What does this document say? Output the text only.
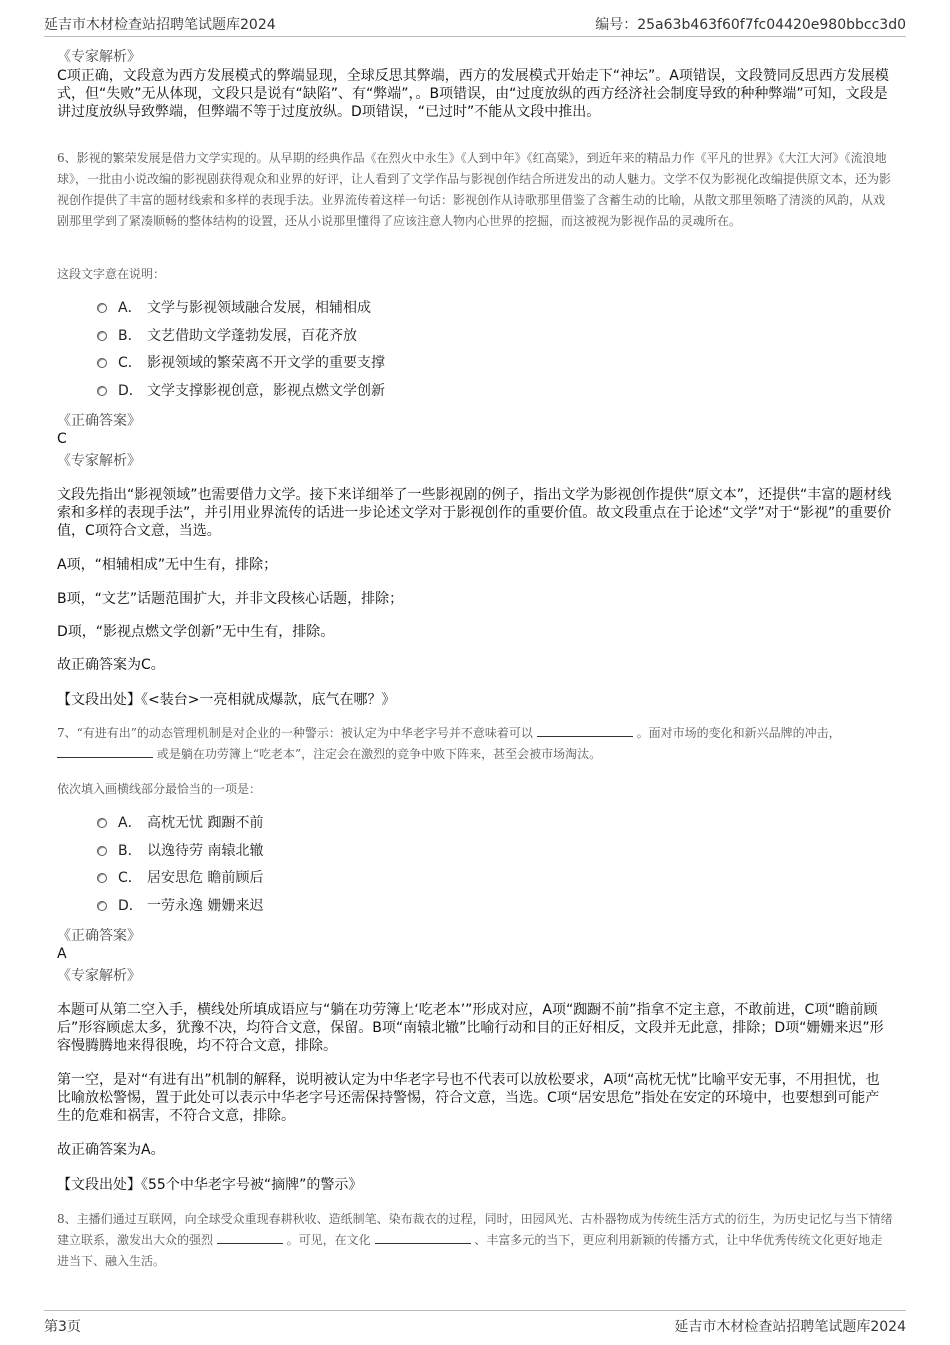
延吉市木材检查站招聘笔试题库2024	编号：25a63b463f60f7fc04420e980bbcc3d0
《专家解析》
C项正确，文段意为西方发展模式的弊端显现，全球反思其弊端，西方的发展模式开始走下“神坛”。A项错误，文段赞同反思西方发展模式，但“失败”无从体现，文段只是说有“缺陷”、有“弊端”，。B项错误，由“过度放纵的西方经济社会制度导致的种种弊端”可知，文段是讲过度放纵导致弊端，但弊端不等于过度放纵。D项错误，“已过时”不能从文段中推出。
6、影视的繁荣发展是借力文学实现的。从早期的经典作品《在烈火中永生》《人到中年》《红高粱》，到近年来的精品力作《平凡的世界》《大江大河》《流浪地球》，一批由小说改编的影视剧获得观众和业界的好评，让人看到了文学作品与影视创作结合所迸发出的动人魅力。文学不仅为影视化改编提供原文本，还为影视创作提供了丰富的题材线索和多样的表现手法。业界流传着这样一句话：影视创作从诗歌那里借鉴了含蓄生动的比喻，从散文那里领略了清淡的风韵，从戏剧那里学到了紧凑顺畅的整体结构的设置，还从小说那里懂得了应该注意人物内心世界的挖掘，而这被视为影视作品的灵魂所在。
这段文字意在说明：
A． 文学与影视领域融合发展，相辅相成
B． 文艺借助文学蓬勃发展，百花齐放
C． 影视领域的繁荣离不开文学的重要支撑
D． 文学支撑影视创意，影视点燃文学创新
《正确答案》
C
《专家解析》
文段先指出“影视领域”也需要借力文学。接下来详细举了一些影视剧的例子，指出文学为影视创作提供“原文本”，还提供“丰富的题材线索和多样的表现手法”，并引用业界流传的话进一步论述文学对于影视创作的重要价值。故文段重点在于论述“文学”对于“影视”的重要价值，C项符合文意，当选。
A项，“相辅相成”无中生有，排除；
B项，“文艺”话题范围扩大，并非文段核心话题，排除；
D项，“影视点燃文学创新”无中生有，排除。
故正确答案为C。
【文段出处】《<装台>一亮相就成爆款，底气在哪？》
7、“有进有出”的动态管理机制是对企业的一种警示：被认定为中华老字号并不意味着可以	。面对市场的变化和新兴品牌的冲击，  或是躺在功劳簿上“吃老本”，注定会在激烈的竞争中败下阵来，甚至会被市场淘汰。
依次填入画横线部分最恰当的一项是：
A． 高枕无忧 踟蹰不前
B． 以逸待劳 南辕北辙
C． 居安思危 瞻前顾后
D． 一劳永逸 姗姗来迟
《正确答案》
A
《专家解析》
本题可从第二空入手，横线处所填成语应与“躺在功劳簿上‘吃老本’”形成对应，A项“踟蹰不前”指拿不定主意，不敢前进，C项“瞻前顾后”形容顾虑太多，犹豫不决，均符合文意，保留。B项“南辕北辙”比喻行动和目的正好相反，文段并无此意，排除；D项“姗姗来迟”形容慢腾腾地来得很晚，均不符合文意，排除。
第一空，是对“有进有出”机制的解释，说明被认定为中华老字号也不代表可以放松要求，A项“高枕无忧”比喻平安无事，不用担忧，也比喻放松警惕，置于此处可以表示中华老字号还需保持警惕，符合文意，当选。C项“居安思危”指处在安定的环境中，也要想到可能产生的危难和祸害，不符合文意，排除。
故正确答案为A。
【文段出处】《55个中华老字号被“摘牌”的警示》
8、主播们通过互联网，向全球受众重现春耕秋收、造纸制笔、染布裁衣的过程，同时，田园风光、古朴器物成为传统生活方式的衍生，为历史记忆与当下情绪建立联系，激发出大众的强烈	。可见，在文化	、丰富多元的当下，更应利用新颖的传播方式，让中华优秀传统文化更好地走进当下、融入生活。
第3页	延吉市木材检查站招聘笔试题库2024
